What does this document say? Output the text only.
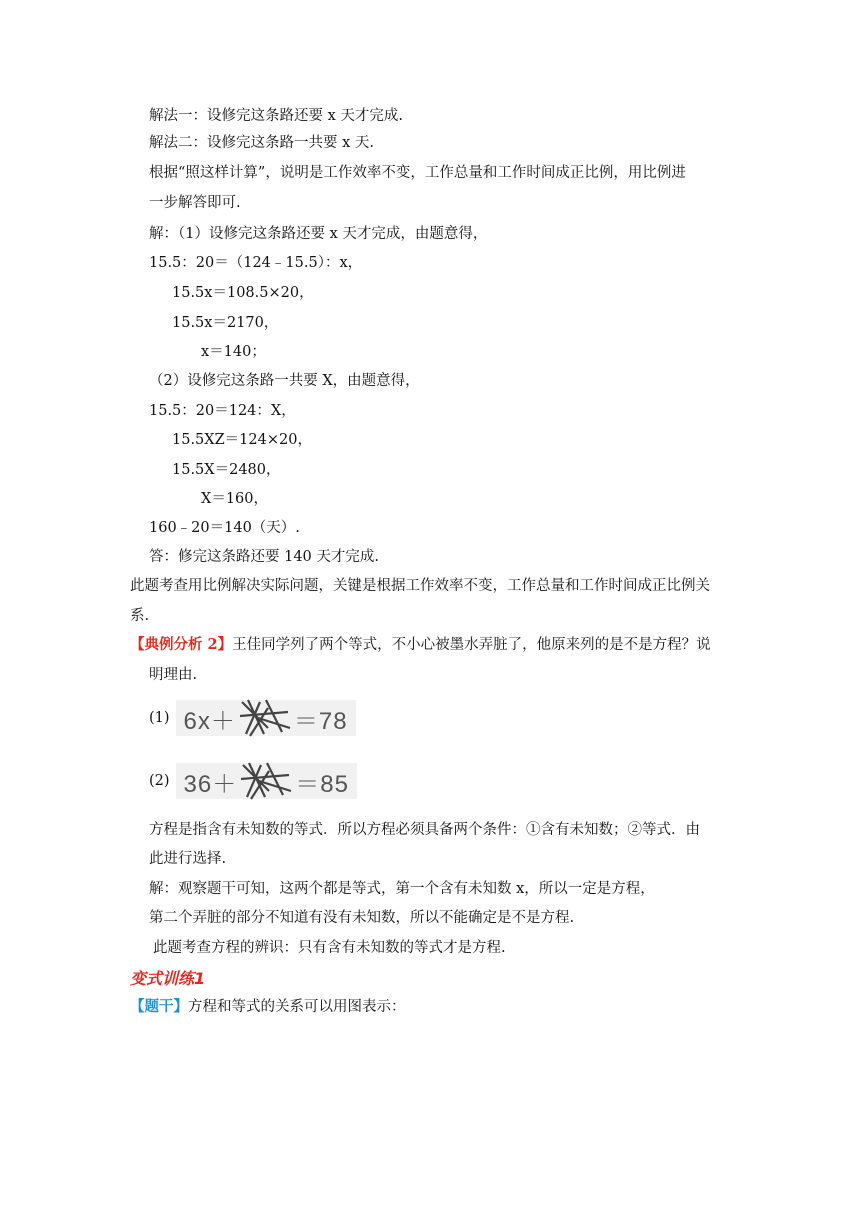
解法一：设修完这条路还要 x 天才完成.
解法二：设修完这条路一共要 x 天.
根据“照这样计算”，说明是工作效率不变，工作总量和工作时间成正比例，用比例进
一步解答即可.
解：（1）设修完这条路还要 x 天才完成，由题意得，
15.5：20＝（124﹣15.5）：x，
15.5x＝108.5×20，
15.5x＝2170，
x＝140；
（2）设修完这条路一共要 X，由题意得，
15.5：20＝124：X，
15.5XZ＝124×20，
15.5X＝2480，
X＝160，
160﹣20＝140（天）.
答：修完这条路还要 140 天才完成.
此题考查用比例解决实际问题，关键是根据工作效率不变，工作总量和工作时间成正比例关
系.
【典例分析 2】王佳同学列了两个等式，不小心被墨水弄脏了，他原来列的是不是方程？说
明理由.
(1) 6x＋ ＝78
(2) 36＋ ＝85
方程是指含有未知数的等式．所以方程必须具备两个条件：①含有未知数；②等式．由
此进行选择.
解：观察题干可知，这两个都是等式，第一个含有未知数 x，所以一定是方程，
第二个弄脏的部分不知道有没有未知数，所以不能确定是不是方程.
此题考查方程的辨识：只有含有未知数的等式才是方程.
变式训练1
【题干】方程和等式的关系可以用图表示：
